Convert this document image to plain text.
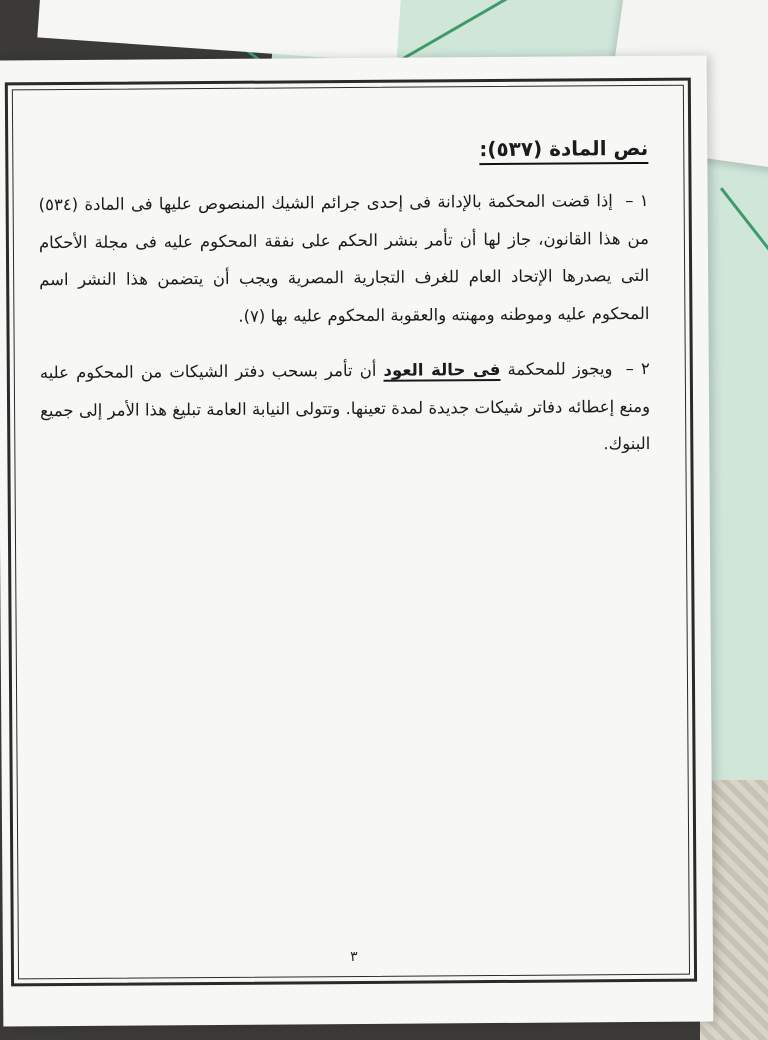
نص المادة (٥٣٧):

١ – إذا قضت المحكمة بالإدانة فى إحدى جرائم الشيك المنصوص عليها فى المادة (٥٣٤) من هذا القانون، جاز لها أن تأمر بنشر الحكم على نفقة المحكوم عليه فى مجلة الأحكام التى يصدرها الإتحاد العام للغرف التجارية المصرية ويجب أن يتضمن هذا النشر اسم المحكوم عليه وموطنه ومهنته والعقوبة المحكوم عليه بها (٧).

٢ – ويجوز للمحكمة فى حالة العود أن تأمر بسحب دفتر الشيكات من المحكوم عليه ومنع إعطائه دفاتر شيكات جديدة لمدة تعينها. وتتولى النيابة العامة تبليغ هذا الأمر إلى جميع البنوك.

٣
